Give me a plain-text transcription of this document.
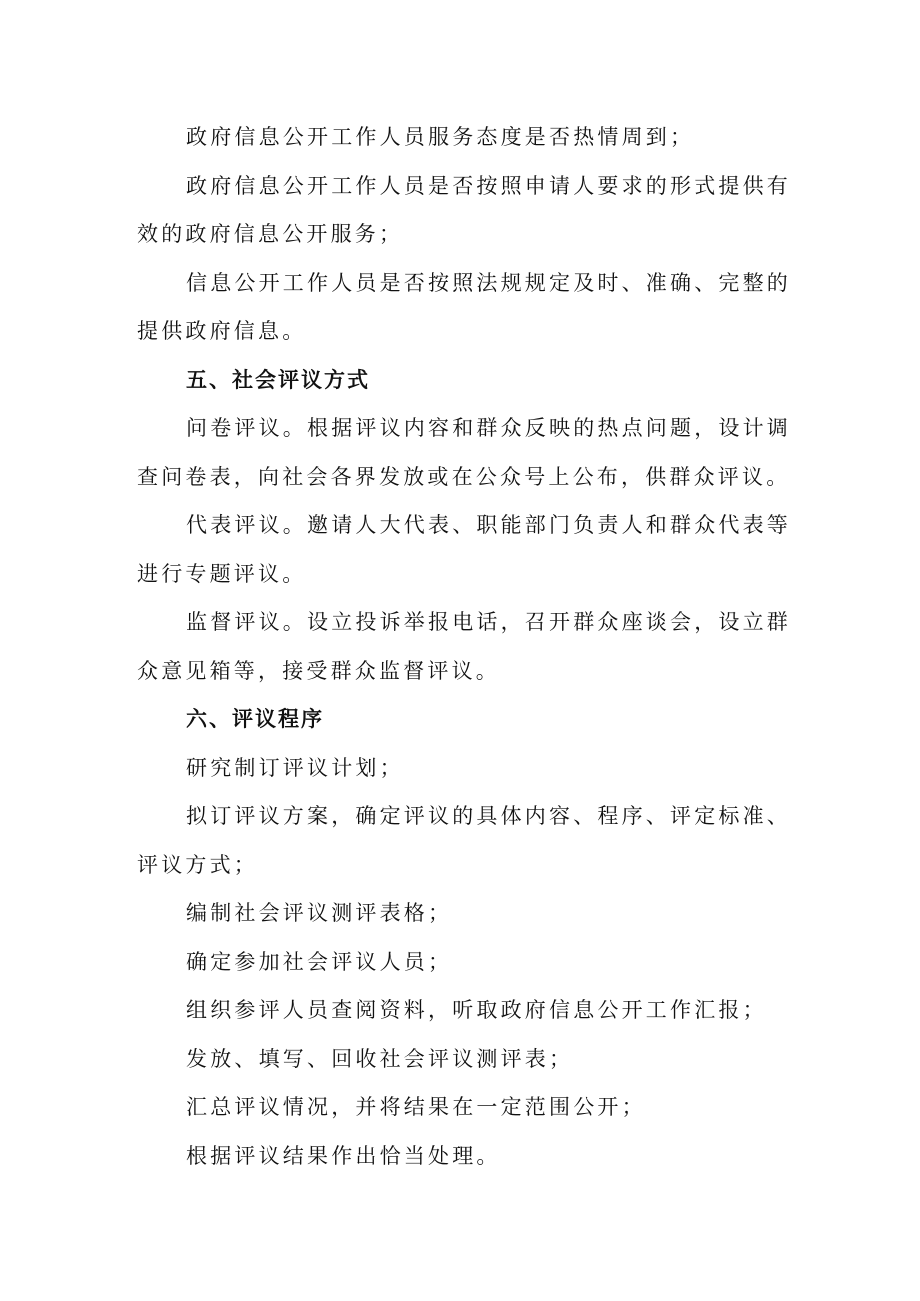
政府信息公开工作人员服务态度是否热情周到；

政府信息公开工作人员是否按照申请人要求的形式提供有效的政府信息公开服务；

信息公开工作人员是否按照法规规定及时、准确、完整的提供政府信息。

五、社会评议方式

问卷评议。根据评议内容和群众反映的热点问题，设计调查问卷表，向社会各界发放或在公众号上公布，供群众评议。

代表评议。邀请人大代表、职能部门负责人和群众代表等进行专题评议。

监督评议。设立投诉举报电话，召开群众座谈会，设立群众意见箱等，接受群众监督评议。

六、评议程序

研究制订评议计划；

拟订评议方案，确定评议的具体内容、程序、评定标准、评议方式；

编制社会评议测评表格；

确定参加社会评议人员；

组织参评人员查阅资料，听取政府信息公开工作汇报；

发放、填写、回收社会评议测评表；

汇总评议情况，并将结果在一定范围公开；

根据评议结果作出恰当处理。
